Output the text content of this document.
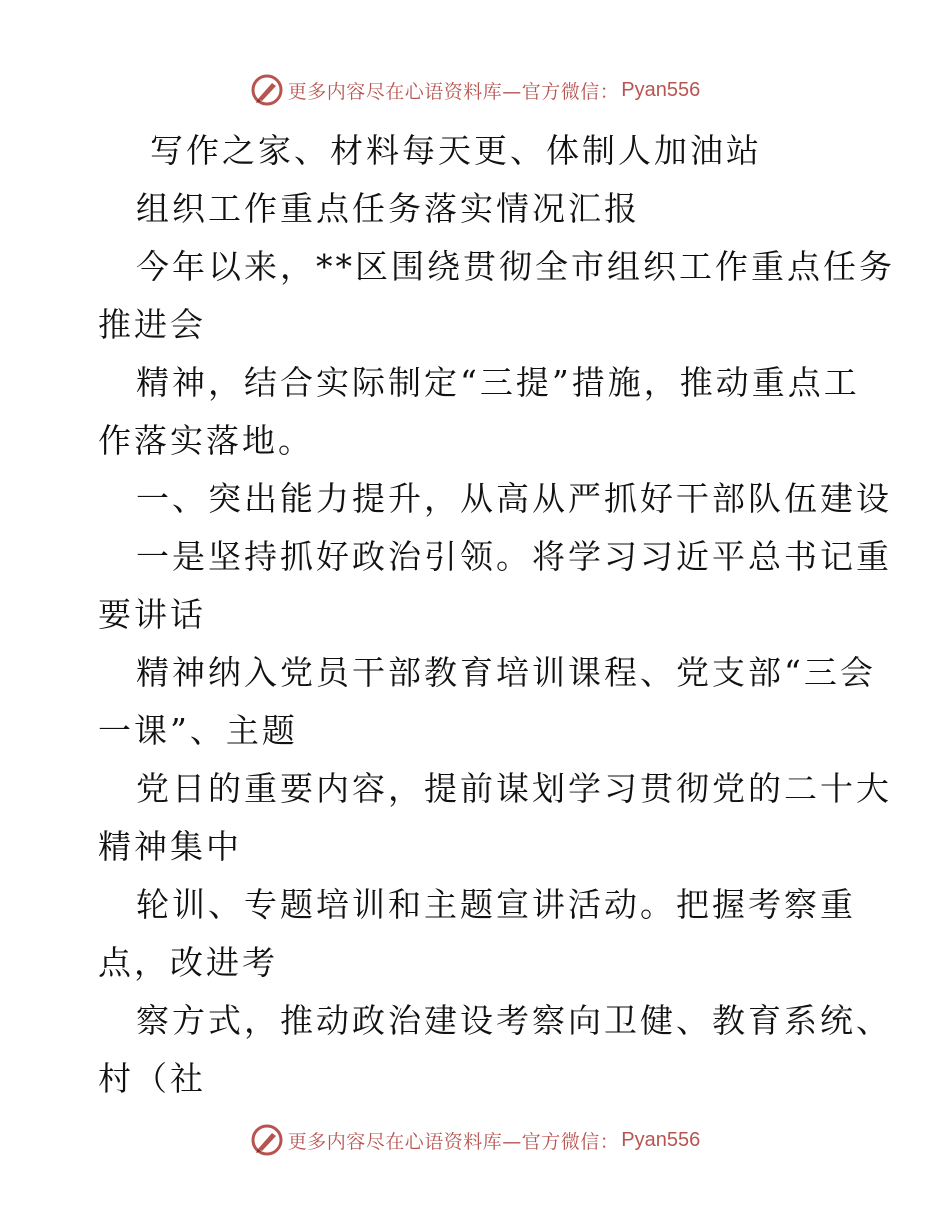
更多内容尽在心语资料库—官方微信： Pyan556
写作之家、材料每天更、体制人加油站
组织工作重点任务落实情况汇报
今年以来，**区围绕贯彻全市组织工作重点任务
推进会
精神，结合实际制定“三提”措施，推动重点工
作落实落地。
一、突出能力提升，从高从严抓好干部队伍建设
一是坚持抓好政治引领。将学习习近平总书记重
要讲话
精神纳入党员干部教育培训课程、党支部“三会
一课”、主题
党日的重要内容，提前谋划学习贯彻党的二十大
精神集中
轮训、专题培训和主题宣讲活动。把握考察重
点，改进考
察方式，推动政治建设考察向卫健、教育系统、
村（社
更多内容尽在心语资料库—官方微信： Pyan556
